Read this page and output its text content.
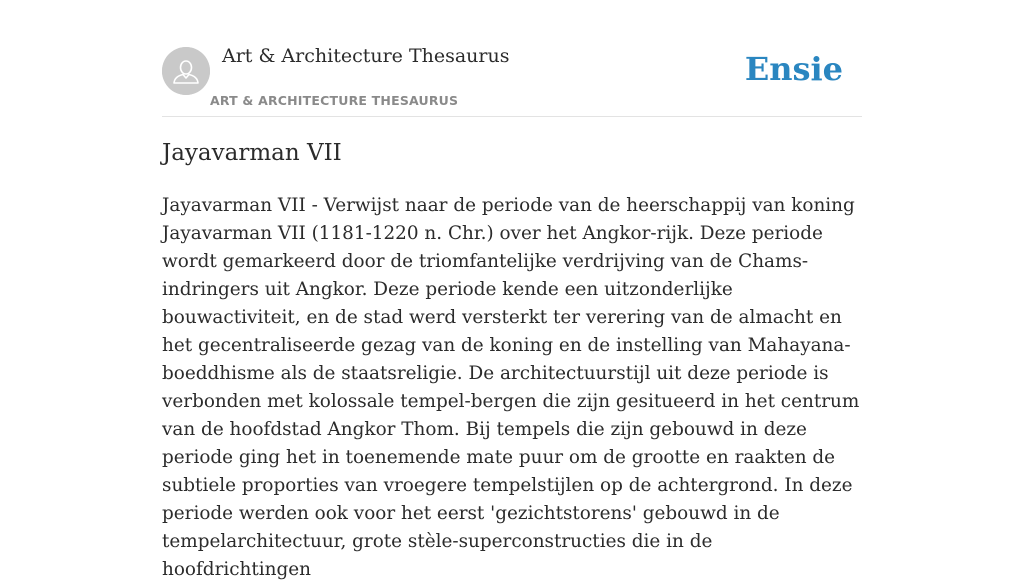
Art & Architecture Thesaurus
ART & ARCHITECTURE THESAURUS
Ensie
Jayavarman VII

Jayavarman VII - Verwijst naar de periode van de heerschappij van koning Jayavarman VII (1181-1220 n. Chr.) over het Angkor-rijk. Deze periode wordt gemarkeerd door de triomfantelijke verdrijving van de Chams-indringers uit Angkor. Deze periode kende een uitzonderlijke bouwactiviteit, en de stad werd versterkt ter verering van de almacht en het gecentraliseerde gezag van de koning en de instelling van Mahayana-boeddhisme als de staatsreligie. De architectuurstijl uit deze periode is verbonden met kolossale tempel-bergen die zijn gesitueerd in het centrum van de hoofdstad Angkor Thom. Bij tempels die zijn gebouwd in deze periode ging het in toenemende mate puur om de grootte en raakten de subtiele proporties van vroegere tempelstijlen op de achtergrond. In deze periode werden ook voor het eerst 'gezichtstorens' gebouwd in de tempelarchitectuur, grote stèle-superconstructies die in de hoofdrichtingen
